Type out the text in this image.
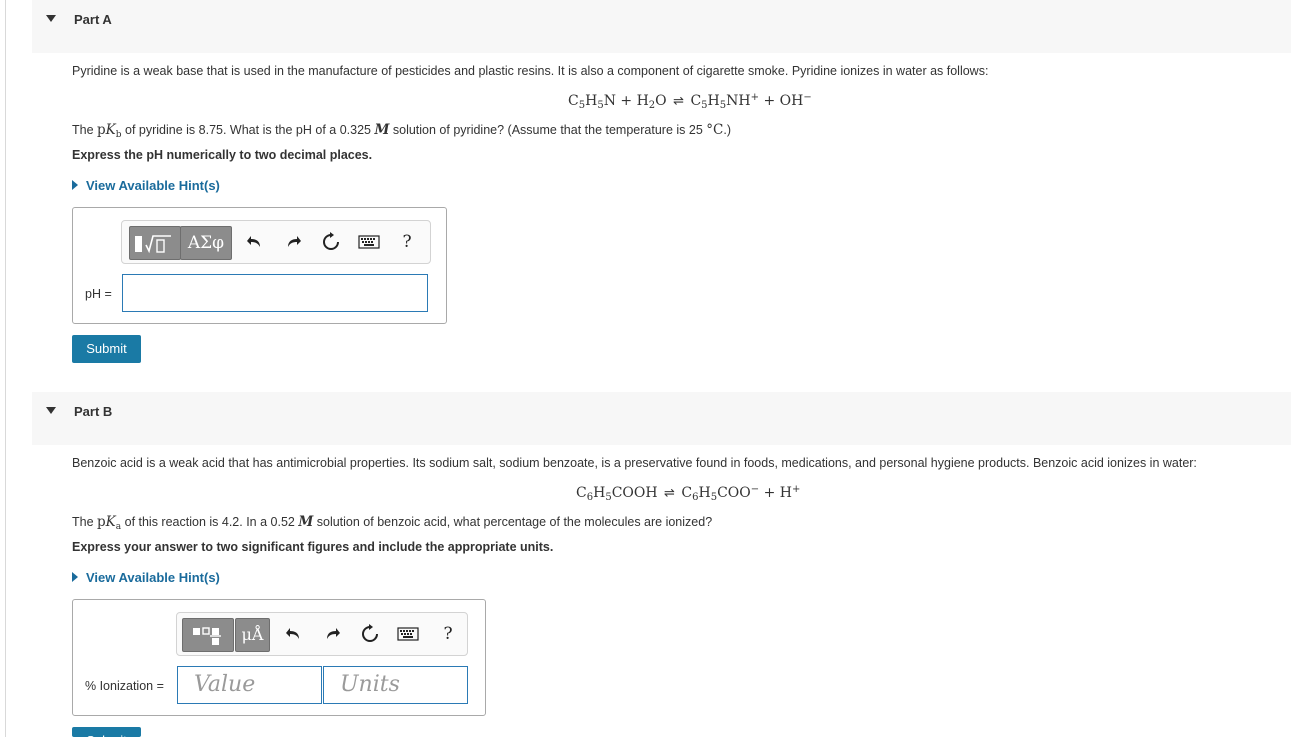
Part A
Pyridine is a weak base that is used in the manufacture of pesticides and plastic resins. It is also a component of cigarette smoke. Pyridine ionizes in water as follows:
$C_5H_5N + H_2O$ ⇌ $C_5H_5NH^+ + OH^-$
The $pK_b$ of pyridine is 8.75. What is the pH of a 0.325 M solution of pyridine? (Assume that the temperature is 25 °C.)
Express the pH numerically to two decimal places.
View Available Hint(s)
ΑΣφ	?
pH =
Submit
Part B
Benzoic acid is a weak acid that has antimicrobial properties. Its sodium salt, sodium benzoate, is a preservative found in foods, medications, and personal hygiene products. Benzoic acid ionizes in water:
$C_6H_5COOH$ ⇌ $C_6H_5COO^- + H^+$
The $pK_a$ of this reaction is 4.2. In a 0.52 M solution of benzoic acid, what percentage of the molecules are ionized?
Express your answer to two significant figures and include the appropriate units.
View Available Hint(s)
μÅ	?
% Ionization =	Value	Units
Submit
